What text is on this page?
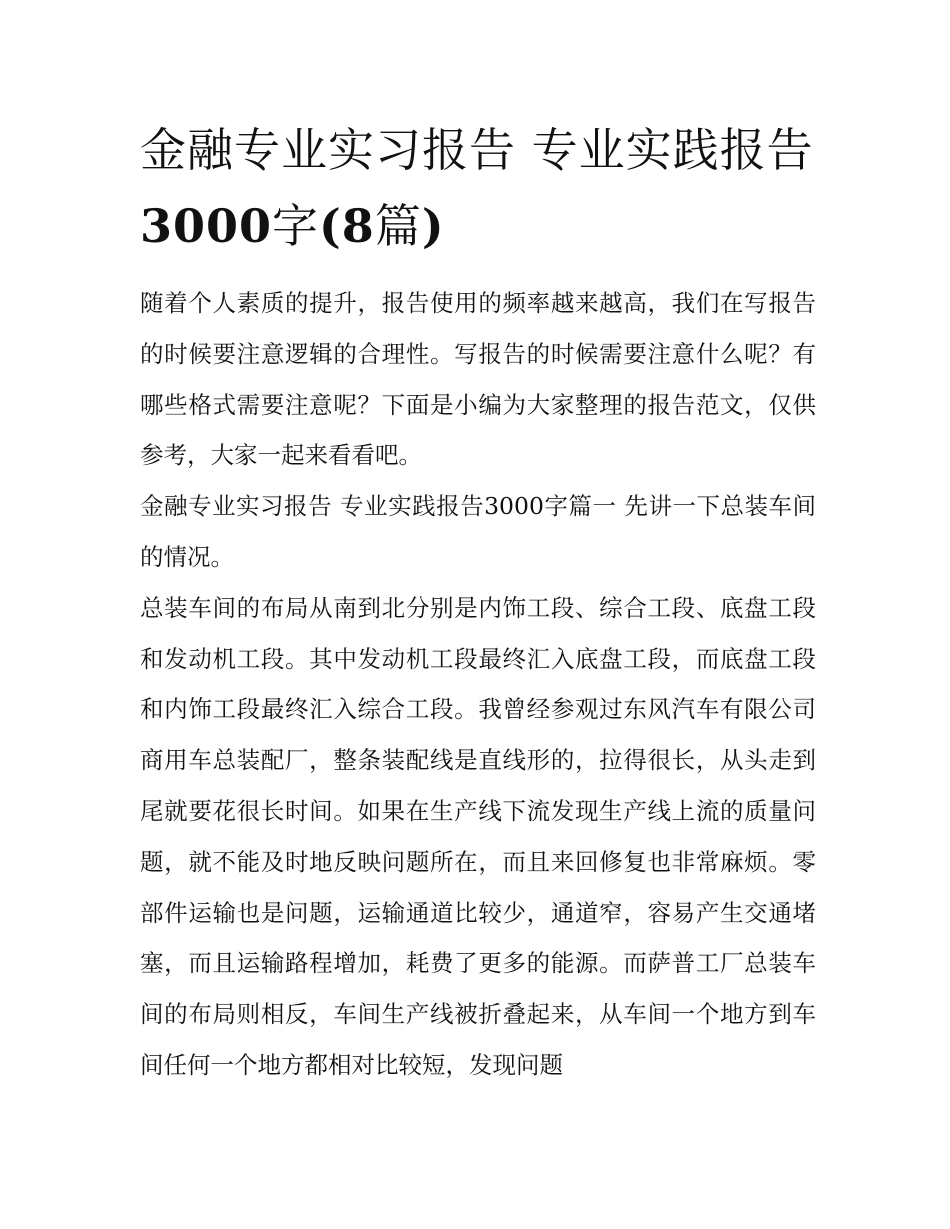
金融专业实习报告 专业实践报告3000字(8篇)

随着个人素质的提升，报告使用的频率越来越高，我们在写报告的时候要注意逻辑的合理性。写报告的时候需要注意什么呢？有哪些格式需要注意呢？下面是小编为大家整理的报告范文，仅供参考，大家一起来看看吧。

金融专业实习报告 专业实践报告3000字篇一 先讲一下总装车间的情况。

总装车间的布局从南到北分别是内饰工段、综合工段、底盘工段和发动机工段。其中发动机工段最终汇入底盘工段，而底盘工段和内饰工段最终汇入综合工段。我曾经参观过东风汽车有限公司商用车总装配厂，整条装配线是直线形的，拉得很长，从头走到尾就要花很长时间。如果在生产线下流发现生产线上流的质量问题，就不能及时地反映问题所在，而且来回修复也非常麻烦。零部件运输也是问题，运输通道比较少，通道窄，容易产生交通堵塞，而且运输路程增加，耗费了更多的能源。而萨普工厂总装车间的布局则相反，车间生产线被折叠起来，从车间一个地方到车间任何一个地方都相对比较短，发现问题
